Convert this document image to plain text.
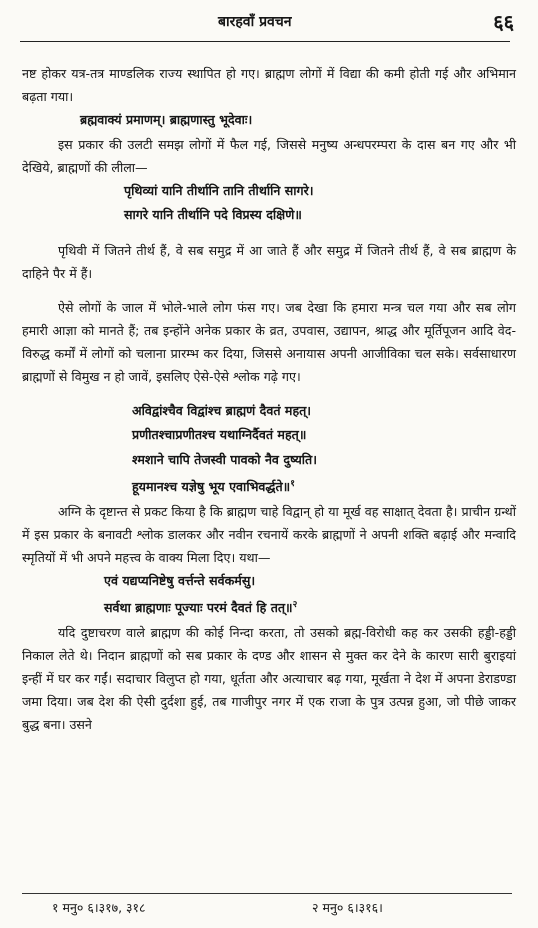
बारहवाँ प्रवचन	६६

नष्ट होकर यत्र-तत्र माण्डलिक राज्य स्थापित हो गए। ब्राह्मण लोगों में विद्या की कमी होती गई और अभिमान बढ़ता गया।

ब्रह्मवाक्यं प्रमाणम्। ब्राह्मणास्तु भूदेवाः।

इस प्रकार की उलटी समझ लोगों में फैल गई, जिससे मनुष्य अन्धपरम्परा के दास बन गए और भी देखिये, ब्राह्मणों की लीला—

पृथिव्यां यानि तीर्थानि तानि तीर्थानि सागरे।
सागरे यानि तीर्थानि पदे विप्रस्य दक्षिणे॥

पृथिवी में जितने तीर्थ हैं, वे सब समुद्र में आ जाते हैं और समुद्र में जितने तीर्थ हैं, वे सब ब्राह्मण के दाहिने पैर में हैं।

ऐसे लोगों के जाल में भोले-भाले लोग फंस गए। जब देखा कि हमारा मन्त्र चल गया और सब लोग हमारी आज्ञा को मानते हैं; तब इन्होंने अनेक प्रकार के व्रत, उपवास, उद्यापन, श्राद्ध और मूर्तिपूजन आदि वेद-विरुद्ध कर्मों में लोगों को चलाना प्रारम्भ कर दिया, जिससे अनायास अपनी आजीविका चल सके। सर्वसाधारण ब्राह्मणों से विमुख न हो जावें, इसलिए ऐसे-ऐसे श्लोक गढ़े गए।

अविद्वांश्चैव विद्वांश्च ब्राह्मणं दैवतं महत्।
प्रणीतश्चाप्रणीतश्च यथाग्निर्दैवतं महत्॥
श्मशाने चापि तेजस्वी पावको नैव दुष्यति।
हूयमानश्च यज्ञेषु भूय एवाभिवर्द्धते॥$^१$

अग्नि के दृष्टान्त से प्रकट किया है कि ब्राह्मण चाहे विद्वान् हो या मूर्ख वह साक्षात् देवता है। प्राचीन ग्रन्थों में इस प्रकार के बनावटी श्लोक डालकर और नवीन रचनायें करके ब्राह्मणों ने अपनी शक्ति बढ़ाई और मन्वादि स्मृतियों में भी अपने महत्त्व के वाक्य मिला दिए। यथा—

एवं यद्यप्यनिष्टेषु वर्त्तन्ते सर्वकर्मसु।
सर्वथा ब्राह्मणाः पूज्याः परमं दैवतं हि तत्॥$^२$

यदि दुष्टाचरण वाले ब्राह्मण की कोई निन्दा करता, तो उसको ब्रह्म-विरोधी कह कर उसकी हड्डी-हड्डी निकाल लेते थे। निदान ब्राह्मणों को सब प्रकार के दण्ड और शासन से मुक्त कर देने के कारण सारी बुराइयां इन्हीं में घर कर गईं। सदाचार विलुप्त हो गया, धूर्तता और अत्याचार बढ़ गया, मूर्खता ने देश में अपना डेराडण्डा जमा दिया। जब देश की ऐसी दुर्दशा हुई, तब गाजीपुर नगर में एक राजा के पुत्र उत्पन्न हुआ, जो पीछे जाकर बुद्ध बना। उसने

१ मनु० ६।३१७, ३१८	२ मनु० ६।३१६।
